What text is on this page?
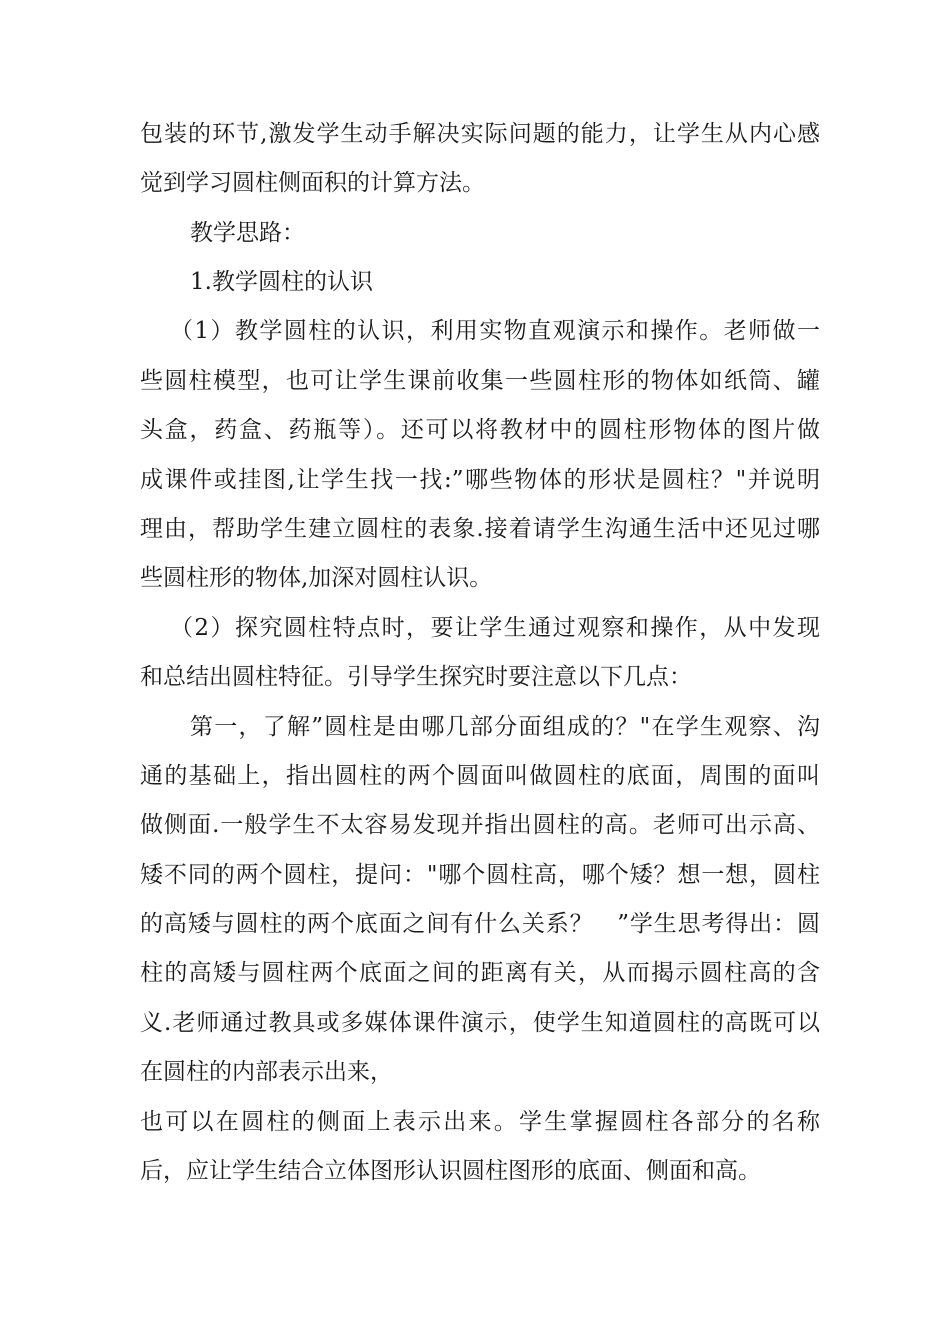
包装的环节,激发学生动手解决实际问题的能力，让学生从内心感
觉到学习圆柱侧面积的计算方法。
教学思路：
1.教学圆柱的认识
（1）教学圆柱的认识，利用实物直观演示和操作。老师做一
些圆柱模型，也可让学生课前收集一些圆柱形的物体如纸筒、罐
头盒，药盒、药瓶等）。还可以将教材中的圆柱形物体的图片做
成课件或挂图,让学生找一找:”哪些物体的形状是圆柱？"并说明
理由，帮助学生建立圆柱的表象.接着请学生沟通生活中还见过哪
些圆柱形的物体,加深对圆柱认识。
（2）探究圆柱特点时，要让学生通过观察和操作，从中发现
和总结出圆柱特征。引导学生探究时要注意以下几点：
第一，了解”圆柱是由哪几部分面组成的？"在学生观察、沟
通的基础上，指出圆柱的两个圆面叫做圆柱的底面，周围的面叫
做侧面.一般学生不太容易发现并指出圆柱的高。老师可出示高、
矮不同的两个圆柱，提问："哪个圆柱高，哪个矮？想一想，圆柱
的高矮与圆柱的两个底面之间有什么关系？　”学生思考得出：圆
柱的高矮与圆柱两个底面之间的距离有关，从而揭示圆柱高的含
义.老师通过教具或多媒体课件演示，使学生知道圆柱的高既可以
在圆柱的内部表示出来，
也可以在圆柱的侧面上表示出来。学生掌握圆柱各部分的名称
后，应让学生结合立体图形认识圆柱图形的底面、侧面和高。
